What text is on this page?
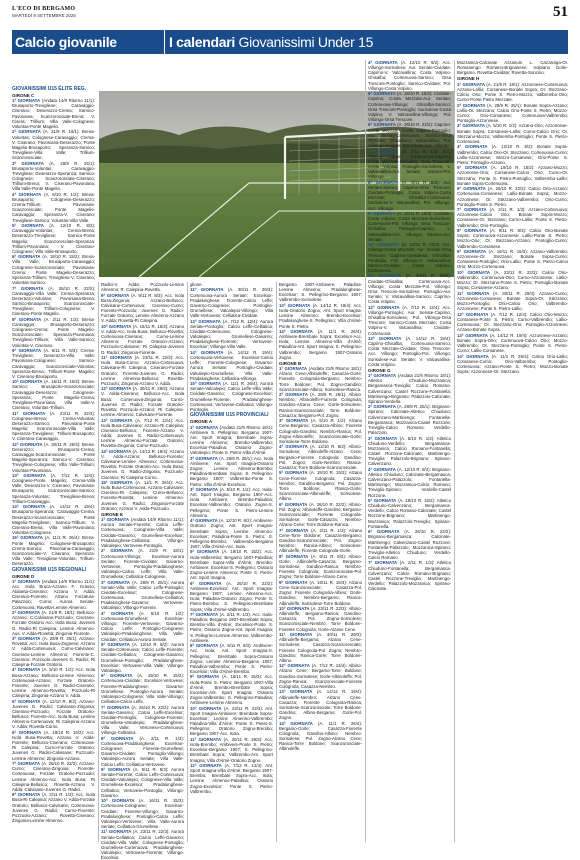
L'ECO DI BERGAMO
MARTEDÌ 9 SETTEMBRE 2025	51
Calcio giovanile	I calendari Giovanissimi Under 15
GIOVANISSIMI U15 ÉLITE REG.
GIRONE C
1ª GIORNATA (Andata 14/9 Ritorno 11/1): Brusaporto-Trevigliese; Caravaggio-Ciserano; Deserazzo-Crema; Sarnico-Pavoniana; Scanzorosciate-Brena; V. Cisera; Trillium; Villa Valle-Colognese; Voluntas-Ponte Magelio.
2ª GIORNATA (A. 21/9 R. 18/1): Brena-Voluntas; Colognese-Caravaggio; Crema-V. Ciserano; Pavoniana-Deserazzo; Ponte Magelio-Brusaporto; Speranza-Sarnico; Trevigliese-Villa Valle; Trillium-Scanzorosciate.
3ª GIORNATA (A. 28/9 R. 25/1): Brusaporto-Voluntas; Caravaggio-Trevigliese; Deserazzo-Speranza; Sarnico-Colognese; Scanzorosciate-Ciserano; Trillium-Brena; V. Ciserano-Pavoniana; Villa Valle-Ponte Magelio.
4ª GIORNATA (A. 5/10 R. 1/2): Brena-Brusaporto; Colognese-Deserazzo; Crema-Trillium; Pavoniana-Scanzorosciate; Ponte Magelio-Caravaggio; Speranza-V. Ciserano; Trevigliese-Sarnico; Voluntas-Villa Valle.
5ª GIORNATA (A. 12/10 R. 8/2): Caravaggio-Voluntas; Crema-Brena; Deserazzo-Trevigliese; Sarnico-Ponte Magelio; Scanzorosciate-Speranza; Trillium-Pavoniana; V. Ciserano-Colognese; Villa Valle-Brusaporto.
6ª GIORNATA (A. 19/10 R. 15/2): Brena-Villa Valle; Brusaporto-Caravaggio; Colognese-Scanzorosciate; Pavoniana-Crema; Ponte Magelio-Deserazzo; Speranza-Trillium; Trevigliese-V. Ciserano; Voluntas-Sarnico.
7ª GIORNATA (A. 26/10 R. 22/2): Caravaggio-Villa Valle; Crema-Speranza; Deserazzo-Voluntas; Pavoniana-Brena; Sarnico-Brusaporto; Scanzorosciate-Trevigliese; Trillium-Colognese; V. Ciserano-Ponte Magelio.
8ª GIORNATA (A. 2/11 R. 1/3): Brena-Caravaggio; Brusaporto-Deserazzo; Colognese-Crema; Ponte Magelio-Scanzorosciate; Speranza-Pavoniana; Trevigliese-Trillium; Villa Valle-Sarnico; Voluntas-V. Ciserano.
9ª GIORNATA (A. 9/11 R. 8/3): Crema-Trevigliese; Deserazzo-Villa Valle; Pavoniana-Colognese; Sarnico-Caravaggio; Scanzorosciate-Voluntas; Speranza-Brena; Trillium-Ponte Magelio; V. Ciserano-Brusaporto.
10ª GIORNATA (A. 16/11 R. 15/3): Brena-Sarnico; Brusaporto-Scanzorosciate; Caravaggio-Deserazzo; Colognese-Speranza; Ponte Magelio-Crema; Trevigliese-Pavoniana; Villa Valle-V. Ciserano; Voluntas-Trillium.
11ª GIORNATA (A. 23/11 R. 22/3): Colognese-Brena; Crema-Voluntas; Deserazzo-Sarnico; Pavoniana-Ponte Magelio; Scanzorosciate-Villa Valle; Speranza-Trevigliese; Trillium-Brusaporto; V. Ciserano-Caravaggio.
12ª GIORNATA (A. 30/11 R. 29/3): Brena-Deserazzo; Brusaporto-Crema; Caravaggio-Scanzorosciate; Ponte Magelio-Speranza; Sarnico-V. Ciserano; Trevigliese-Colognese; Villa Valle-Trillium; Voluntas-Pavoniana.
13ª GIORNATA (A. 7/12 R. 12/4): Colognese-Ponte Magelio; Crema-Villa Valle; Deserazzo-V. Ciserano; Pavoniana-Brusaporto; Scanzorosciate-Sarnico; Speranza-Voluntas; Trevigliese-Brena; Trillium-Caravaggio.
14ª GIORNATA (A. 14/12 R. 19/4): Brusaporto-Speranza; Caravaggio-Crema; Deserazzo-Scanzorosciate; Ponte Magelio-Trevigliese; Sarnico-Trillium; V. Ciserano-Brena; Villa Valle-Pavoniana; Voluntas-Colognese.
15ª GIORNATA (A. 11/1 R. 26/4): Brena-Ponte Magelio; Colognese-Brusaporto; Crema-Sarnico; Pavoniana-Caravaggio; Scanzorosciate-V. Ciserano; Speranza-Villa Valle; Trevigliese-Voluntas; Trillium-Deserazzo.
GIOVANISSIMI U15 REGIONALI
GIRONE D
1ª GIORNATA (Andata 14/9 Ritorno 11/1): Acc. Isola Bruca-Azzano F. Grasso; Atalanta-Ciserano; Azzano V. Adda; Ciserano-Fiorente; Alzano Forzatura-Palazzolo; Curno; Aurora Seriate-Cortenuova; Ravetta-Lemine Almenno.
2ª GIORNATA (A. 21/9 R. 18/1): Bellusco-Azzano; C.Calvisane-Pozzuolo; Ciserano-Forzate Oratorio Acc. Isola Busa; Juvenes G. Radici-Ri Calepina; Lemine Almenno-Aus. V. Adda-Rovetta; Zingonia-Fiorente.
3ª GIORNATA (A. 28/9 R. 25/1): Azzano-Rovetta; Acc. Isola Busa-Zognese; Azzano V. Adda-Cortenuova; Curno-Calvisane; Ciserano-Lemine Almenno; Fiorente-C. Ciserano; Pozzuolo-Juvenes G. Radici; Ri Calepina-Forzate Oratorio.
4ª GIORNATA (A. 5/10 R. 1/2): Acc. Isola Busa-Azzano; Bellusco-Lemine Almenno; Cortenuova-Azzano; Forzate Oratorio-Fiorente; Juvenes G. Radici-Ciserano; Lemine Almenno-Rovetta; Pozzuolo-Ri Calepina; Zingonia-Azzano V. Adda.
5ª GIORNATA (A. 12/10 R. 8/2): Azzano-Juvenes G. Radici; Calvisane-Zingonia; Ciserano-Pozzuolo; Forzate Oratorio-Bellusco; Fiorente-Acc. Isola Busa; Lemine Almenno-Cortenuova; Ri Calepina-Azzano V. Adda; Rovetta-Curno.
6ª GIORNATA (A. 19/10 R. 15/2): Acc. Isola Busa-Rovetta; Azzano V. Adda-Fiorente; Bellusco-Ciserano; Cortenuova-Ri Calepina; Curno-Forzate Oratorio; Juvenes G. Radici-Calvisane; Pozzuolo-Lemine Almenno; Zingonia-Azzano.
7ª GIORNATA (A. 26/10 R. 22/2): Azzano-Curno; Ciserano-Zingonia; Fiorente-Cortenuova; Forzate Oratorio-Pozzuolo; Lemine Almenno-Acc. Isola Busa; Ri Calepina-Bellusco; Rovetta-Azzano V. Adda; Calvisane-Juvenes G. Radici.
8ª GIORNATA (A. 2/11 R. 1/3): Acc. Isola Busa-Ri Calepina; Azzano V. Adda-Forzate Oratorio; Bellusco-Calvisane; Cortenuova-Juvenes G. Radici; Curno-Fiorente; Pozzuolo-Azzano; Rovetta-Ciserano; Zingonia-Lemine Almenno.
Radici-V. Adda; Pozzuolo-Lemine Almenno; R. Calepina-Rovetta.
9ª GIORNATA (A. 9/11 R. 8/3): Acc. Isola Busa-Zingonia; Azzano-Bellusco; Calvisane-Cortenuova; Ciserano-Curno; Fiorente-Pozzuolo; Juvenes G. Radici-Forzate Oratorio; Lemine Almenno-Azzano V. Adda; Rovetta-Ri Calepina.
10ª GIORNATA (A. 16/11 R. 15/3): Azzano V. Adda-Acc. Isola Busa; Bellusco-Rovetta; Cortenuova-Ciserano; Curno-Lemine Almenno; Forzate Oratorio-Azzano; Pozzuolo-Calvisane; Ri Calepina-Juvenes G. Radici; Zingonia-Fiorente.
11ª GIORNATA (A. 23/11 R. 22/3): Acc. Isola Busa-Curno; Azzano-Cortenuova; Calvisane-Ri Calepina; Ciserano-Forzate Oratorio; Fiorente-Juvenes G. Radici; Lemine Almenno-Bellusco; Rovetta-Pozzuolo; Zingonia-Azzano V. Adda.
12ª GIORNATA (A. 30/11 R. 29/3): Azzano V. Adda-Ciserano; Bellusco-Acc. Isola Busa; Cortenuova-Zingonia; Curno-Juvenes G. Radici; Forzate Oratorio-Rovetta; Pozzuolo-Azzano; Ri Calepina-Lemine Almenno; Calvisane-Fiorente.
13ª GIORNATA (A. 7/12 R. 12/4): Acc. Isola Busa-Calvisane; Azzano-Ri Calepina; Ciserano-Bellusco; Fiorente-Azzano V. Adda; Juvenes G. Radici-Cortenuova; Lemine Almenno-Forzate Oratorio; Rovetta-Zingonia; Curno-Pozzuolo.
14ª GIORNATA (A. 14/12 R. 19/4): Azzano V. Adda-Azzano; Bellusco-Fiorente; Calvisane-Lemine Almenno; Cortenuova-Rovetta; Forzate Oratorio-Acc. Isola Busa; Juvenes G. Radici-Zingonia; Pozzuolo-Ciserano; Ri Calepina-Curno.
15ª GIORNATA (A. 11/1 R. 26/4): Acc. Isola Busa-Cortenuova; Azzano-Calvisane; Ciserano-Ri Calepina; Curno-Bellusco; Fiorente-Rovetta; Lemine Almenno-Juvenes G. Radici; Zingonia-Forzate Oratorio; Azzano V. Adda-Pozzuolo.
GIRONE E
1ª GIORNATA (Andata 14/9 Ritorno 11/1): Aurora Seriate-Fiorente; Calcio Leffe-Cortenuova; Colognese-Villa Valle; Cividate-Gavarno; Grumellese-Excelsior; Pradalunghese-Celliatica; Villongo-Valcalepio; Vertovese-Pontoglio.
2ª GIORNATA (A. 21/9 R. 18/1): Cortenuova-Villongo; Excelsior-Aurora Seriate; Fiorente-Cividate; Gavarno-Vertovese; Pontoglio-Pradalunghese; Valcalepio-Calcio Leffe; Villa Valle-Grumellese; Celliatica-Colognese.
3ª GIORNATA (A. 28/9 R. 25/1): Aurora Seriate-Villa Valle; Calcio Leffe-Pontoglio; Cividate-Excelsior; Colognese-Cortenuova; Grumellese-Celliatica; Pradalunghese-Gavarno; Vertovese-Valcalepio; Villongo-Fiorente.
4ª GIORNATA (A. 5/10 R. 1/2): Cortenuova-Grumellese; Excelsior-Villongo; Fiorente-Vertovese; Gavarno-Calcio Leffe; Pontoglio-Colognese; Valcalepio-Pradalunghese; Villa Valle-Cividate; Celliatica-Aurora Seriate.
5ª GIORNATA (A. 12/10 R. 8/2): Aurora Seriate-Cortenuova; Calcio Leffe-Fiorente; Cividate-Celliatica; Colognese-Gavarno; Grumellese-Pontoglio; Pradalunghese-Excelsior; Vertovese-Villa Valle; Villongo-Valcalepio.
6ª GIORNATA (A. 19/10 R. 15/2): Cortenuova-Cividate; Excelsior-Vertovese; Fiorente-Pradalunghese; Gavarno-Grumellese; Pontoglio-Aurora Seriate; Valcalepio-Colognese; Villa Valle-Villongo; Celliatica-Calcio Leffe.
7ª GIORNATA (A. 26/10 R. 22/2): Aurora Seriate-Gavarno; Calcio Leffe-Excelsior; Cividate-Pontoglio; Colognese-Fiorente; Grumellese-Valcalepio; Pradalunghese-Villa Valle; Vertovese-Cortenuova; Villongo-Celliatica.
8ª GIORNATA (A. 2/11 R. 1/3): Cortenuova-Pradalunghese; Excelsior-Colognese; Fiorente-Grumellese; Gavarno-Cividate; Pontoglio-Villongo; Valcalepio-Aurora Seriate; Villa Valle-Calcio Leffe; Celliatica-Vertovese.
9ª GIORNATA (A. 9/11 R. 8/3): Aurora Seriate-Fiorente; Calcio Leffe-Cortenuova; Cividate-Valcalepio; Colognese-Villa Valle; Grumellese-Excelsior; Pradalunghese-Celliatica; Vertovese-Pontoglio; Villongo-Gavarno.
10ª GIORNATA (A. 16/11 R. 15/3): Cortenuova-Colognese; Excelsior-Cividate; Fiorente-Villongo; Gavarno-Pradalunghese; Pontoglio-Calcio Leffe; Valcalepio-Vertovese; Villa Valle-Aurora Seriate; Celliatica-Grumellese.
11ª GIORNATA (A. 23/11 R. 22/3): Aurora Seriate-Celliatica; Calcio Leffe-Gavarno; Cividate-Villa Valle; Colognese-Pontoglio; Grumellese-Cortenuova; Pradalunghese-Valcalepio; Vertovese-Fiorente; Villongo-Excelsior.
glione.
12ª GIORNATA (A. 30/11 R. 29/3): Cortenuova-Aurora Seriate; Excelsior-Pradalunghese; Fiorente-Calcio Leffe; Gavarno-Colognese; Pontoglio-Grumellese; Valcalepio-Villongo; Villa Valle-Vertovese; Celliatica-Cividate.
13ª GIORNATA (A. 7/12 R. 12/4): Aurora Seriate-Pontoglio; Calcio Leffe-Celliatica; Cividate-Cortenuova; Colognese-Valcalepio; Grumellese-Gavarno; Pradalunghese-Fiorente; Vertovese-Excelsior; Villongo-Villa Valle.
14ª GIORNATA (A. 14/12 R. 19/4): Cortenuova-Vertovese; Excelsior-Calcio Leffe; Fiorente-Colognese; Gavarno-Aurora Seriate; Pontoglio-Cividate; Valcalepio-Grumellese; Villa Valle-Pradalunghese; Celliatica-Villongo.
15ª GIORNATA (A. 11/1 R. 26/4): Aurora Seriate-Valcalepio; Calcio Leffe-Villa Valle; Cividate-Gavarno; Colognese-Excelsior; Grumellese-Fiorente; Pradalunghese-Cortenuova; Vertovese-Celliatica; Villongo-Pontoglio.
GIOVANISSIMI U15 PROVINCIALI
GIRONE A
1ª GIORNATA (Andata 21/9 Ritorno 18/1): Ambivere S. Pellegrino; Bergamo 1907-Ant. Sport Imagna; Brembate Sopra-Lemine Almenno; Brembo-Valbrembo; Excelsior-Paladina; Oratorio Zogno-Valcalepio; Ponte S. Pietro-Villa d'Almè.
2ª GIORNATA (A. 28/9 R. 25/1): Acc. Isola Ambivere; Ant. Sport Imagna-Oratorio Zogno; Lemine Almenno-Brembo; Paladina-Brembate Sopra; S. Pellegrino-Bergamo 1907; Valbrembo-Ponte S. Pietro; Villa d'Almè-Excelsior.
3ª GIORNATA (A. 5/10 R. 1/2): Acc. Isola-Ant. Sport Imagna; Bergamo 1907-Acc. Isola Ambivere; Brembo-Paladina; Excelsior-Valbrembo; Oratorio Zogno-S. Pellegrino; Ponte S. Pietro-Lemine Almenno.
4ª GIORNATA (A. 12/10 R. 8/2): Ambivere-Oratorio Zogno; Ant. Sport Imagna-Brembate Sopra; Lemine Almenno-Excelsior; Paladina-Ponte S. Pietro; S. Pellegrino-Brembo; Valbrembo-Bergamo 1907; Villa d'Almè-Acc. Isola.
5ª GIORNATA (A. 19/10 R. 15/2): Acc. Isola-Valbrembo; Bergamo 1907-Paladina; Brembate Sopra-Villa d'Almè; Brembo-Ambivere; Excelsior-S. Pellegrino; Oratorio Zogno-Lemine Almenno; Ponte S. Pietro-Ant. Sport Imagna.
6ª GIORNATA (A. 26/10 R. 22/2): Ambivere-Excelsior; Ant. Sport Imagna-Bergamo 1907; Lemine Almenno-Acc. Isola; Paladina-Oratorio Zogno; Ponte S. Pietro-Brembo; S. Pellegrino-Brembate Sopra; Villa d'Almè-Valbrembo.
7ª GIORNATA (A. 2/11 R. 1/3): Acc. Isola-Paladina; Bergamo 1907-Brembate Sopra; Brembo-Villa d'Almè; Excelsior-Ponte S. Pietro; Oratorio Zogno-Ant. Sport Imagna; S. Pellegrino-Lemine Almenno; Valbrembo-Ambivere.
8ª GIORNATA (A. 9/11 R. 8/3): Ambivere-Acc. Isola; Ant. Sport Imagna-S. Pellegrino; Brembate Sopra-Oratorio Zogno; Lemine Almenno-Bergamo 1907; Paladina-Valbrembo; Ponte S. Pietro-Excelsior; Villa d'Almè-Brembo.
9ª GIORNATA (A. 16/11 R. 15/3): Acc. Isola-Ponte S. Pietro; Bergamo 1907-Villa d'Almè; Brembo-Brembate Sopra; Excelsior-Ant. Sport Imagna; Oratorio Zogno-Valbrembo; S. Pellegrino-Paladina; Ambivere-Lemine Almenno.
10ª GIORNATA (A. 23/11 R. 22/3): Ant. Sport Imagna-Ambivere; Brembate Sopra-Excelsior; Lemine Almenno-Valbrembo; Paladina-Villa d'Almè; Ponte S. Pietro-S. Pellegrino; Oratorio Zogno-Brembo; Bergamo 1907-Acc. Isola.
11ª GIORNATA (A. 30/11 R. 29/3): Acc. Isola-Brembo; Ambivere-Ponte S. Pietro; Excelsior-Bergamo 1907; S. Pellegrino-Brembate Sopra; Valbrembo-Ant. Sport Imagna; Villa d'Almè-Oratorio Zogno.
12ª GIORNATA (A. 7/12 R. 12/4): Ant. Sport Imagna-Villa d'Almè; Bergamo 1907-Brembo; Brembate Sopra-Acc. Isola; Lemine Almenno-Paladina; Oratorio Zogno-Excelsior; Ponte S. Pietro-Valbrembo.
Bergamo 1907-Ambivere; Paladina-Lemine Almenno; Pradalunghese-Excelsior; S. Pellegrino-Bergamo 1907; Valbrembo-Sorisolese.
13ª GIORNATA (A. 14/12 R. 19/4): Acc. Isola-Oratorio Zogno; Ant. Sport Imagna-Lemine Almenno; Brembo-Excelsior; Pradalunghese-S. Pellegrino; Villa d'Almè-Ponte S. Pietro.
14ª GIORNATA (A. 11/1 R. 26/4): Ambivere-Brembate Sopra; Excelsior-Acc. Isola; Lemine Almenno-Villa d'Almè; Paladina-Ant. Sport Imagna; S. Pellegrino-Valbrembo; Bergamo 1907-Oratorio Zogno.
GIRONE B
1ª GIORNATA (Andata 21/9 Ritorno 18/1): Alzano Cene-Albinoleffe; Casazza-Gorle; Fiorente Colognola-Bergamo; Nembro-Torre Boldone; Pol. Zogno-Gandino; Scanzorosciate-Albino; Sorisolese-Ranica.
2ª GIORNATA (A. 28/9 R. 25/1): Albino-Nembro; Albinoleffe-Fiorente Colognola; Gandino-Alzano Cene; Gorle-Sorisolese; Ranica-Scanzorosciate; Torre Boldone-Casazza; Bergamo-Pol. Zogno.
3ª GIORNATA (A. 5/10 R. 1/2): Alzano Cene-Bergamo; Casazza-Albino; Fiorente Colognola-Gandino; Nembro-Ranica; Pol. Zogno-Albinoleffe; Scanzorosciate-Gorle; Sorisolese-Torre Boldone.
4ª GIORNATA (A. 12/10 R. 8/2): Albino-Sorisolese; Albinoleffe-Alzano Cene; Bergamo-Fiorente Colognola; Gandino-Pol. Zogno; Gorle-Nembro; Ranica-Casazza; Torre Boldone-Scanzorosciate.
5ª GIORNATA (A. 19/10 R. 15/2): Alzano Cene-Fiorente Colognola; Casazza-Nembro; Gandino-Bergamo; Pol. Zogno-Torre Boldone; Ranica-Gorle; Scanzorosciate-Albinoleffe; Sorisolese-Albino.
6ª GIORNATA (A. 26/10 R. 22/2): Albino-Pol. Zogno; Albinoleffe-Gandino; Bergamo-Scanzorosciate; Fiorente Colognola-Sorisolese; Gorle-Casazza; Nembro-Alzano Cene; Torre Boldone-Ranica.
7ª GIORNATA (A. 2/11 R. 1/3): Alzano Cene-Torre Boldone; Casazza-Bergamo; Gandino-Scanzorosciate; Pol. Zogno-Nembro; Ranica-Albino; Sorisolese-Albinoleffe; Fiorente Colognola-Gorle.
8ª GIORNATA (A. 9/11 R. 8/3): Albino-Gorle; Albinoleffe-Casazza; Bergamo-Sorisolese; Gandino-Ranica; Nembro-Fiorente Colognola; Scanzorosciate-Pol. Zogno; Torre Boldone-Alzano Cene.
9ª GIORNATA (A. 16/11 R. 15/3): Alzano Cene-Scanzorosciate; Casazza-Pol. Zogno; Fiorente Colognola-Albino; Gorle-Gandino; Nembro-Bergamo; Ranica-Albinoleffe; Sorisolese-Torre Boldone.
10ª GIORNATA (A. 23/11 R. 22/3): Albino-Albinoleffe; Bergamo-Ranica; Gandino-Casazza; Pol. Zogno-Sorisolese; Scanzorosciate-Nembro; Torre Boldone-Fiorente Colognola; Gorle-Alzano Cene.
11ª GIORNATA (A. 30/11 R. 29/3): Albinoleffe-Bergamo; Alzano Cene-Sorisolese; Casazza-Scanzorosciate; Fiorente Colognola-Pol. Zogno; Nembro-Gandino; Ranica-Gorle; Torre Boldone-Albino.
12ª GIORNATA (A. 7/12 R. 12/4): Albino-Alzano Cene; Bergamo-Torre Boldone; Gandino-Sorisolese; Gorle-Albinoleffe; Pol. Zogno-Ranica; Scanzorosciate-Fiorente Colognola; Casazza-Nembro.
13ª GIORNATA (A. 14/12 R. 19/4): Albinoleffe-Nembro; Alzano Cene-Casazza; Fiorente Colognola-Ranica; Sorisolese-Scanzorosciate; Torre Boldone-Gandino; Albino-Bergamo; Gorle-Pol. Zogno.
14ª GIORNATA (A. 11/1 R. 26/4): Bergamo-Gorle; Casazza-Fiorente Colognola; Gandino-Albino; Nembro-Sorisolese; Pol. Zogno-Alzano Cene; Ranica-Torre Boldone; Scanzorosciate-Albinoleffe.
4ª GIORNATA (A. 12/10 R. 8/2): Acc. Villongo-Sorisolese; Aur. Seriate-Cividate; Caprino-V. Valcavallina; Costa Volpino-Ghisalba; Cortenuova-Sarnico; Orsa Trescore-Pontoglio; Sarnico-Cividate; Pol. Villongo-Costa Volpino.
5ª GIORNATA (A. 19/10 R. 15/2): Cividate-Caprino; Costa Mezzate-Aur. Seriate; Cortenuova-Villongo; Ghisalba-Sarnico; Orsa Trescore-Pontoglio; Sorisolese-Costa Volpino; V. Valcavallina-Villongo; Pol. Villongo-Orsa Trescore.
6ª GIORNATA (A. 26/10 R. 22/2): Caprino-Costa Mezzate; Costa Volpino-Pontoglio; Aur. Seriate-Cortenuova; Sarnico-Orsa Trescore; Ghisalba-V. Valcavallina; Pol. Villongo-Cividate; Sorisolese-Acc. Villongo.
7ª GIORNATA (A. 2/11 R. 1/3): Acc. Villongo-Cividate; Cortenuova-Caprino; Costa Mezzate-Ghisalba; Orsa Trescore-Costa Volpino; Pontoglio-Sorisolese; V. Valcavallina-Aur. Seriate; Sarnico-Pol. Villongo.
8ª GIORNATA (A. 9/11 R. 8/3): Aur. Seriate-Sarnico; Caprino-Orsa Trescore; Cividate-Pontoglio; Costa Volpino-Costa Mezzate; Ghisalba-Cortenuova; Sorisolese-V. Valcavallina; Pol. Villongo-Acc. Villongo.
9ª GIORNATA (A. 16/11 R. 15/3): Cividate-Costa Volpino; Costa Mezzate-Sorisolese; Cortenuova-Pol. Villongo; Orsa Trescore-Ghisalba; Pontoglio-Caprino; V. Valcavallina-Acc. Villongo; Sarnico-Aur. Seriate.
10ª GIORNATA (A. 23/11 R. 22/3): Acc. Villongo-Costa Mezzate; Aur. Seriate-Orsa Trescore; Caprino-Sorisolese; Ghisalba-Pontoglio; Pol. Villongo-V. Valcavallina; Sarnico-Cividate; Costa Volpino-Cortenuova.
11ª GIORNATA (A. 30/11 R. 29/3): Cividate-Ghisalba; Cortenuova-Acc. Villongo; Costa Mezzate-Pol. Villongo; Orsa Trescore-Sorisolese; Pontoglio-Aur. Seriate; V. Valcavallina-Sarnico; Caprino-Costa Volpino.
12ª GIORNATA (A. 7/12 R. 12/4): Acc. Villongo-Pontoglio; Aur. Seriate-Caprino; Ghisalba-Sorisolese; Pol. Villongo-Orsa Trescore; Sarnico-Costa Mezzate; Costa Volpino-V. Valcavallina; Cividate-Cortenuova.
13ª GIORNATA (A. 14/12 R. 19/4): Caprino-Ghisalba; Cortenuova-Sarnico; Costa Mezzate-Cividate; Orsa Trescore-Acc. Villongo; Pontoglio-Pol. Villongo; Sorisolese-Aur. Seriate; V. Valcavallina-Costa Volpino.
GIRONE G
1ª GIORNATA (Andata 21/9 Ritorno 18/1): Atletico Chiuduno-Mozzanica; Bergamasca-Treviglio; Calcio Romano-Calvenzano; Castel Rozzone-Fontanella; Martinengo-Brignano; Palazzolo-Calcinate; Spirano-Verdello.
2ª GIORNATA (A. 28/9 R. 25/1): Brignano-Spirano; Calcinate-Atletico Chiuduno; Calvenzano-Martinengo; Fontanella-Bergamasca; Mozzanica-Castel Rozzone; Treviglio-Calcio Romano; Verdello-Palazzolo.
3ª GIORNATA (A. 5/10 R. 1/2): Atletico Chiuduno-Verdello; Bergamasca-Mozzanica; Calcio Romano-Fontanella; Castel Rozzone-Calcinate; Martinengo-Treviglio; Palazzolo-Brignano; Spirano-Calvenzano.
4ª GIORNATA (A. 12/10 R. 8/2): Brignano-Atletico Chiuduno; Calcinate-Bergamasca; Calvenzano-Palazzolo; Fontanella-Martinengo; Mozzanica-Calcio Romano; Treviglio-Spirano; Verdello-Castel Rozzone.
5ª GIORNATA (A. 19/10 R. 15/2): Atletico Chiuduno-Calvenzano; Bergamasca-Verdello; Calcio Romano-Calcinate; Castel Rozzone-Brignano; Martinengo-Mozzanica; Palazzolo-Treviglio; Spirano-Fontanella.
6ª GIORNATA (A. 26/10 R. 22/2): Brignano-Bergamasca; Calcinate-Martinengo; Calvenzano-Castel Rozzone; Fontanella-Palazzolo; Mozzanica-Spirano; Treviglio-Atletico Chiuduno; Verdello-Calcio Romano.
7ª GIORNATA (A. 2/11 R. 1/3): Atletico Chiuduno-Fontanella; Bergamasca-Calvenzano; Calcio Romano-Brignano; Castel Rozzone-Treviglio; Martinengo-Verdello; Palazzolo-Mozzanica; Spirano-Calcinate.
Mozzanica-Calcinate Azzanum L. Cazzaniga-Or. Romanengo Romano-Brignanese; Volpiano Gorle-Bergamo. Rovetta-Cividate; Rovetta-Soncino.
GIRONE H
1ª GIORNATA (A. 21/9 R. 18/1): Azzonnese-Cortenuova; Azzano-Lallio; Corsanese-Bonate Sopra; Or. Stezzano-Calcio Orio; Ponte S. Pietro-Mozzo; Valbrembo-Orio; Curno-Ponte Pietro Mezzate.
2ª GIORNATA (A. 28/9 R. 25/1): Bonate Sopra-Azzano; Lallio-Or. Stezzano; Calcio Orio-Ponte S. Pietro; Mozzo-Curno; Orio-Corsanese; Cortenuova-Valbrembo; Pontoglio-Azzonnese.
3ª GIORNATA (A. 5/10 R. 1/2): Azzano-Orio; Azzonnese-Bonate Sopra; Corsanese-Lallio; Curno-Calcio Orio; Or. Stezzano-Mozzo; Valbrembo-Pontoglio; Ponte S. Pietro-Cortenuova.
4ª GIORNATA (A. 12/10 R. 8/2): Bonate Sopra-Valbrembo; Calcio Orio-Or. Stezzano; Cortenuova-Curno; Lallio-Azzonnese; Mozzo-Corsanese; Orio-Ponte S. Pietro; Pontoglio-Azzano.
5ª GIORNATA (A. 19/10 R. 15/2): Azzano-Mozzo; Azzonnese-Orio; Corsanese-Calcio Orio; Curno-Or. Stezzano; Ponte S. Pietro-Pontoglio; Valbrembo-Lallio; Bonate Sopra-Cortenuova.
6ª GIORNATA (A. 26/10 R. 22/2): Calcio Orio-Azzano; Cortenuova-Corsanese; Lallio-Bonate Sopra; Mozzo-Azzonnese; Or. Stezzano-Valbrembo; Orio-Curno; Pontoglio-Ponte S. Pietro.
7ª GIORNATA (A. 2/11 R. 1/3): Azzano-Cortenuova; Azzonnese-Calcio Orio; Bonate Sopra-Mozzo; Corsanese-Or. Stezzano; Curno-Lallio; Ponte S. Pietro-Valbrembo; Orio-Pontoglio.
8ª GIORNATA (A. 9/11 R. 8/3): Calcio Orio-Bonate Sopra; Cortenuova-Azzonnese; Lallio-Ponte S. Pietro; Mozzo-Orio; Or. Stezzano-Azzano; Pontoglio-Curno; Valbrembo-Corsanese.
9ª GIORNATA (A. 16/11 R. 15/3): Azzano-Valbrembo; Azzonnese-Or. Stezzano; Bonate Sopra-Curno; Corsanese-Pontoglio; Orio-Lallio; Ponte S. Pietro-Calcio Orio; Mozzo-Cortenuova.
10ª GIORNATA (A. 23/11 R. 22/3): Calcio Orio-Valbrembo; Cortenuova-Orio; Curno-Azzonnese; Lallio-Mozzo; Or. Stezzano-Ponte S. Pietro; Pontoglio-Bonate Sopra; Corsanese-Azzano.
11ª GIORNATA (A. 30/11 R. 29/3): Azzano-Curno; Azzonnese-Corsanese; Bonate Sopra-Or. Stezzano; Mozzo-Pontoglio; Orio-Calcio Orio; Valbrembo-Azzonnese; Ponte S. Pietro-Lallio.
12ª GIORNATA (A. 7/12 R. 12/4): Calcio Orio-Mozzo; Corsanese-Ponte S. Pietro; Curno-Valbrembo; Lallio-Cortenuova; Or. Stezzano-Orio; Pontoglio-Azzonnese; Azzano-Bonate Sopra.
13ª GIORNATA (A. 14/12 R. 19/4): Azzonnese-Azzano; Bonate Sopra-Orio; Cortenuova-Calcio Orio; Mozzo-Valbrembo; Or. Stezzano-Pontoglio; Ponte S. Pietro-Curno; Lallio-Corsanese.
14ª GIORNATA (A. 11/1 R. 26/4): Calcio Orio-Lallio; Corsanese-Curno; Orio-Valbrembo; Pontoglio-Cortenuova; Azzano-Ponte S. Pietro; Mozzo-Bonate Sopra; Azzonnese-Or. Stezzano.
